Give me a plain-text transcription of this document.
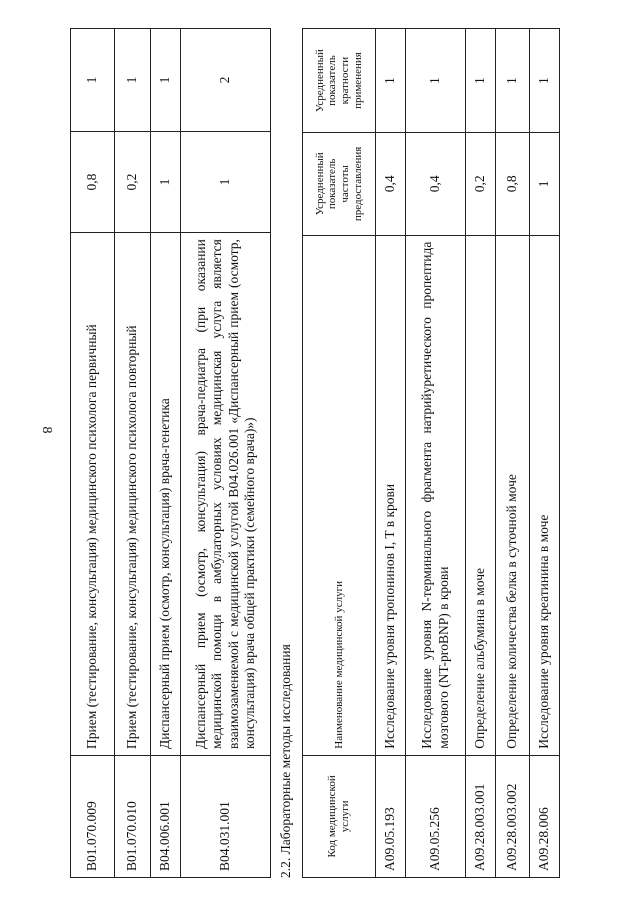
8
В01.070.009	Прием (тестирование, консультация) медицинского психолога первичный	0,8	1
В01.070.010	Прием (тестирование, консультация) медицинского психолога повторный	0,2	1
В04.006.001	Диспансерный прием (осмотр, консультация) врача-генетика	1	1
В04.031.001	Диспансерный прием (осмотр, консультация) врача-педиатра (при оказании медицинской помощи в амбулаторных условиях медицинская услуга является взаимозаменяемой с медицинской услугой В04.026.001 «Диспансерный прием (осмотр, консультация) врача общей практики (семейного врача)»)	1	2
2.2. Лабораторные методы исследования	Код медицинской услуги	Наименование медицинской услуги	Усредненный показатель частоты предоставления	Усредненный показатель кратности применения
А09.05.193	Исследование уровня тропонинов I, T в крови	0,4	1
А09.05.256	Исследование уровня N-терминального фрагмента натрийуретического пропептида мозгового (NT-proBNP) в крови	0,4	1
А09.28.003.001	Определение альбумина в моче	0,2	1
А09.28.003.002	Определение количества белка в суточной моче	0,8	1
А09.28.006	Исследование уровня креатинина в моче	1	1
